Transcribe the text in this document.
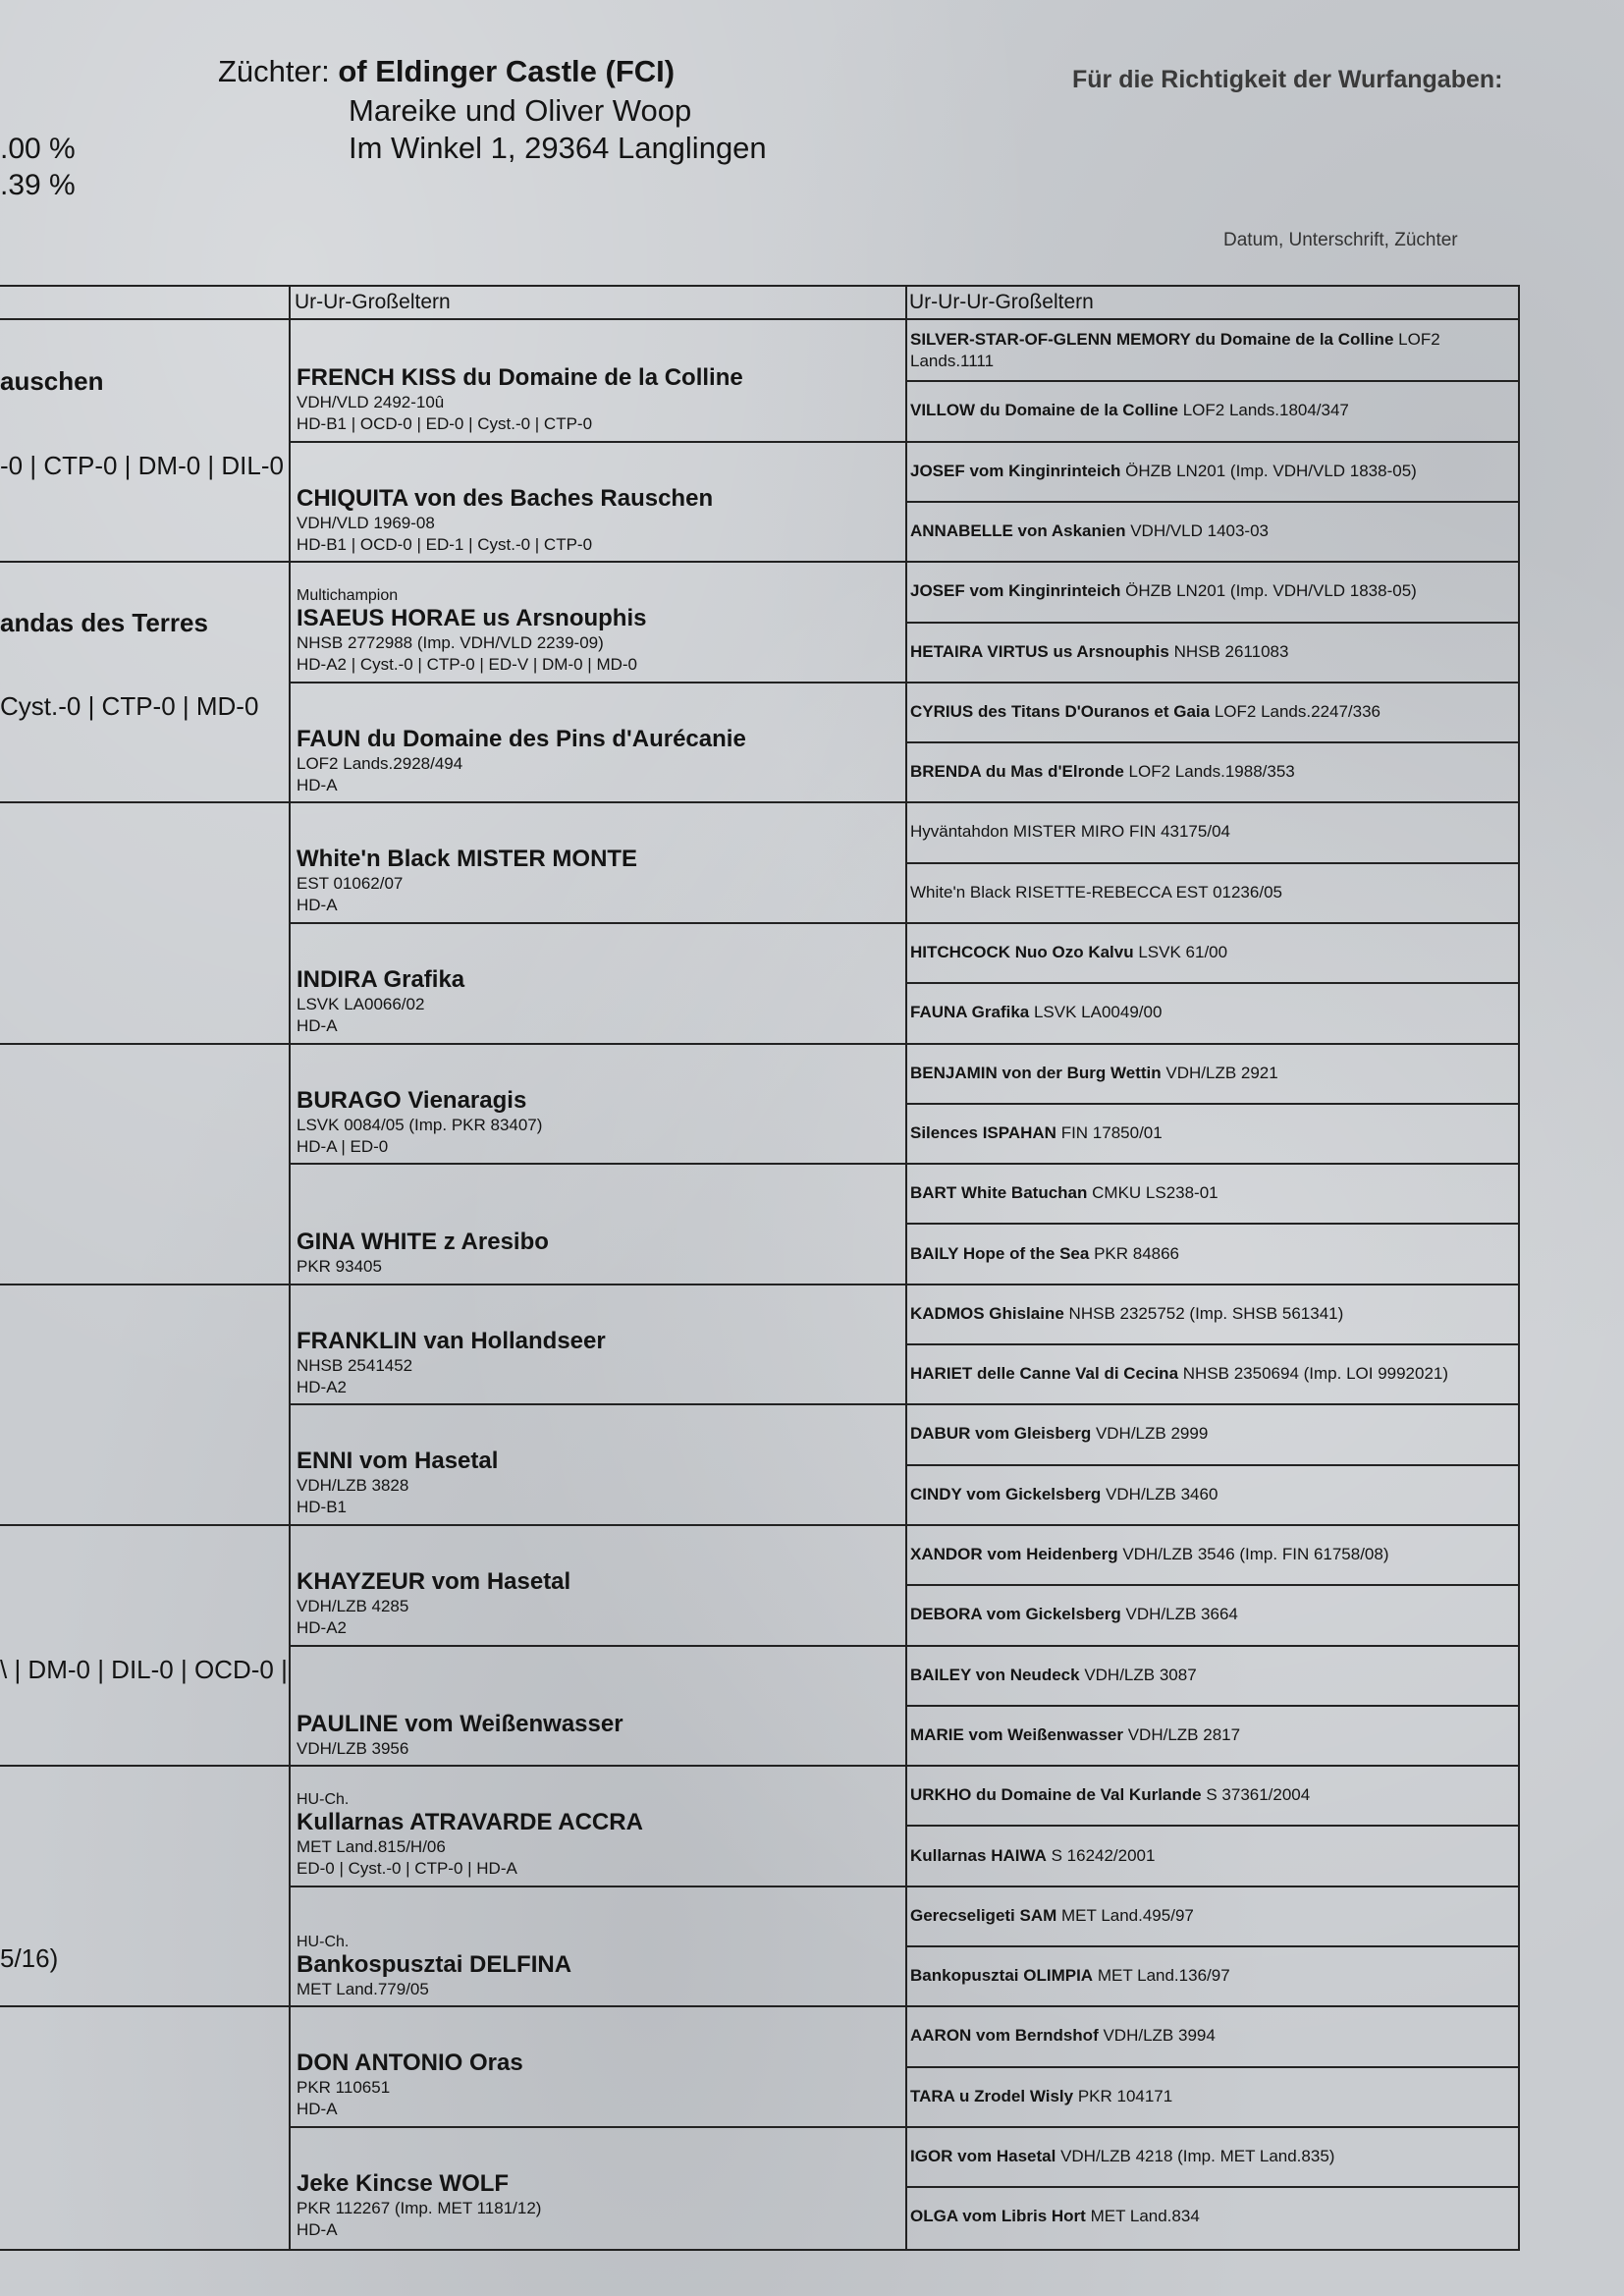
Züchter: of Eldinger Castle (FCI)
Mareike und Oliver Woop
Im Winkel 1, 29364 Langlingen
.00 %
.39 %
Für die Richtigkeit der Wurfangaben:
Datum, Unterschrift, Züchter
Ur-Ur-Großeltern	Ur-Ur-Ur-Großeltern
FRENCH KISS du Domaine de la Colline
VDH/VLD 2492-10û
HD-B1 | OCD-0 | ED-0 | Cyst.-0 | CTP-0
CHIQUITA von des Baches Rauschen
VDH/VLD 1969-08
HD-B1 | OCD-0 | ED-1 | Cyst.-0 | CTP-0
Multichampion
ISAEUS HORAE us Arsnouphis
NHSB 2772988 (Imp. VDH/VLD 2239-09)
HD-A2 | Cyst.-0 | CTP-0 | ED-V | DM-0 | MD-0
FAUN du Domaine des Pins d'Aurécanie
LOF2 Lands.2928/494
HD-A
White'n Black MISTER MONTE
EST 01062/07
HD-A
INDIRA Grafika
LSVK LA0066/02
HD-A
BURAGO Vienaragis
LSVK 0084/05 (Imp. PKR 83407)
HD-A | ED-0
GINA WHITE z Aresibo
PKR 93405
FRANKLIN van Hollandseer
NHSB 2541452
HD-A2
ENNI vom Hasetal
VDH/LZB 3828
HD-B1
KHAYZEUR vom Hasetal
VDH/LZB 4285
HD-A2
PAULINE vom Weißenwasser
VDH/LZB 3956
HU-Ch.
Kullarnas ATRAVARDE ACCRA
MET Land.815/H/06
ED-0 | Cyst.-0 | CTP-0 | HD-A
HU-Ch.
Bankospusztai DELFINA
MET Land.779/05
DON ANTONIO Oras
PKR 110651
HD-A
Jeke Kincse WOLF
PKR 112267 (Imp. MET 1181/12)
HD-A
SILVER-STAR-OF-GLENN MEMORY du Domaine de la Colline LOF2 Lands.1111
VILLOW du Domaine de la Colline LOF2 Lands.1804/347
JOSEF vom Kinginrinteich ÖHZB LN201 (Imp. VDH/VLD 1838-05)
ANNABELLE von Askanien VDH/VLD 1403-03
JOSEF vom Kinginrinteich ÖHZB LN201 (Imp. VDH/VLD 1838-05)
HETAIRA VIRTUS us Arsnouphis NHSB 2611083
CYRIUS des Titans D'Ouranos et Gaia LOF2 Lands.2247/336
BRENDA du Mas d'Elronde LOF2 Lands.1988/353
Hyväntahdon MISTER MIRO FIN 43175/04
White'n Black RISETTE-REBECCA EST 01236/05
HITCHCOCK Nuo Ozo Kalvu LSVK 61/00
FAUNA Grafika LSVK LA0049/00
BENJAMIN von der Burg Wettin VDH/LZB 2921
Silences ISPAHAN FIN 17850/01
BART White Batuchan CMKU LS238-01
BAILY Hope of the Sea PKR 84866
KADMOS Ghislaine NHSB 2325752 (Imp. SHSB 561341)
HARIET delle Canne Val di Cecina NHSB 2350694 (Imp. LOI 9992021)
DABUR vom Gleisberg VDH/LZB 2999
CINDY vom Gickelsberg VDH/LZB 3460
XANDOR vom Heidenberg VDH/LZB 3546 (Imp. FIN 61758/08)
DEBORA vom Gickelsberg VDH/LZB 3664
BAILEY von Neudeck VDH/LZB 3087
MARIE vom Weißenwasser VDH/LZB 2817
URKHO du Domaine de Val Kurlande S 37361/2004
Kullarnas HAIWA S 16242/2001
Gerecseligeti SAM MET Land.495/97
Bankopusztai OLIMPIA MET Land.136/97
AARON vom Berndshof VDH/LZB 3994
TARA u Zrodel Wisly PKR 104171
IGOR vom Hasetal VDH/LZB 4218 (Imp. MET Land.835)
OLGA vom Libris Hort MET Land.834
auschen
-0 | CTP-0 | DM-0 | DIL-0
andas des Terres
Cyst.-0 | CTP-0 | MD-0
\ | DM-0 | DIL-0 | OCD-0 |
5/16)
